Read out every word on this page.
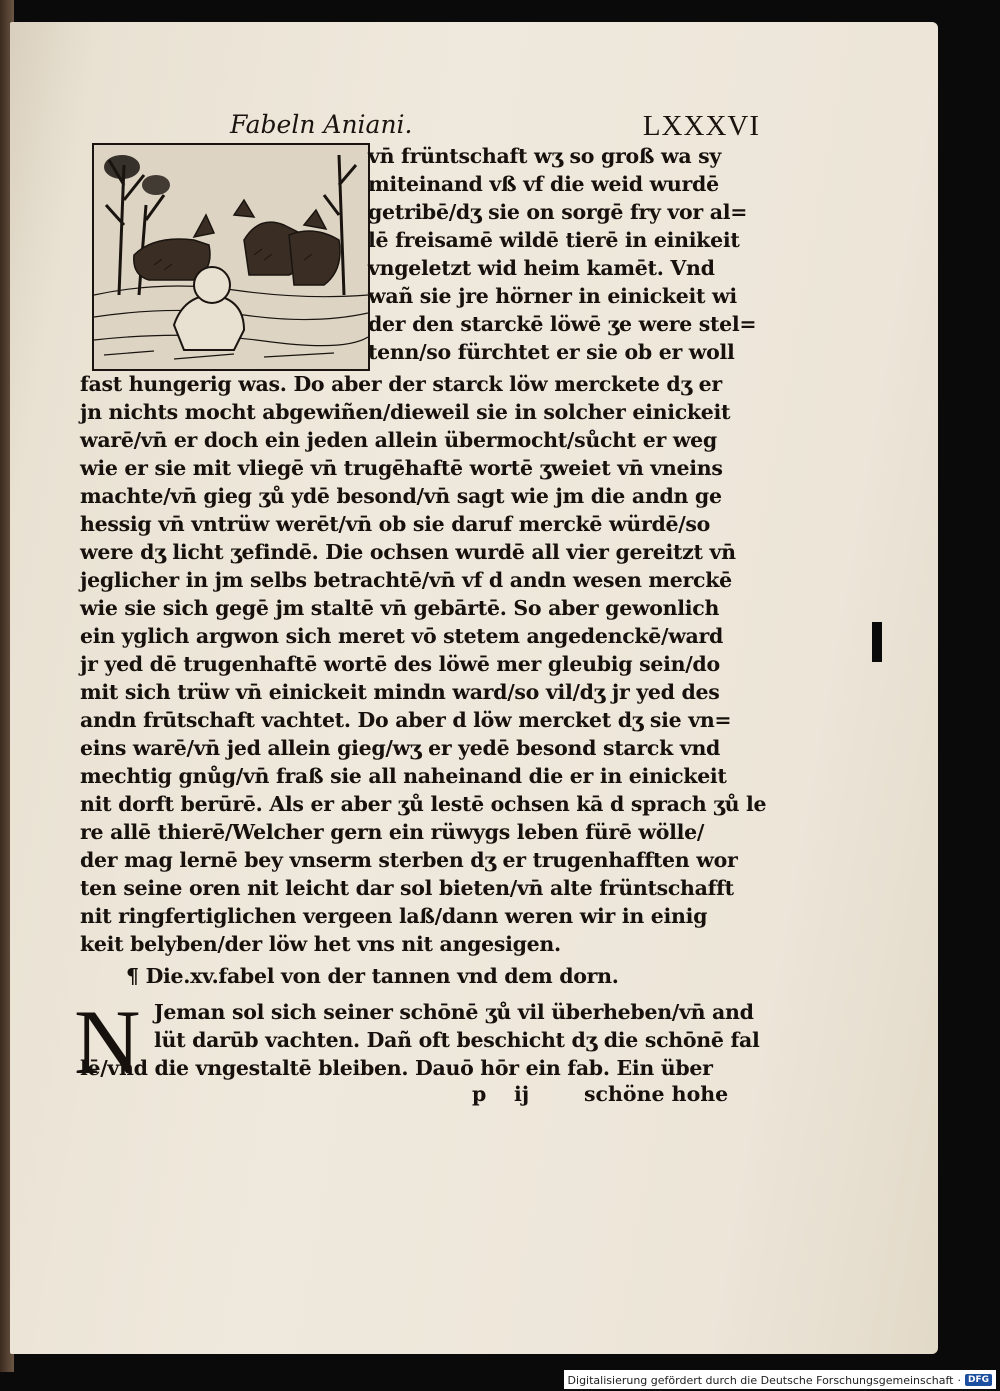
Fabeln Aniani.	LXXXVI
vn̄ früntschaft wʒ so groß wa sy
miteinand vß vf die weid wurdē
getribē/dʒ sie on sorgē fry vor al=
lē freisamē wildē tierē in einikeit
vngeletzt wid heim kamēt. Vnd
wañ sie jre hörner in einickeit wi
der den starckē löwē ʒe were stel=
tenn/so fürchtet er sie ob er woll
fast hungerig was. Do aber der starck löw merckete dʒ er
jn nichts mocht abgewiñen/dieweil sie in solcher einickeit
warē/vn̄ er doch ein jeden allein übermocht/sůcht er weg
wie er sie mit vliegē vn̄ trugēhaftē wortē ʒweiet vn̄ vneins
machte/vn̄ gieg ʒů ydē besond/vn̄ sagt wie jm die andn ge
hessig vn̄ vntrüw werēt/vn̄ ob sie daruf merckē würdē/so
were dʒ licht ʒefindē. Die ochsen wurdē all vier gereitzt vn̄
jeglicher in jm selbs betrachtē/vn̄ vf d andn wesen merckē
wie sie sich gegē jm staltē vn̄ gebārtē. So aber gewonlich
ein yglich argwon sich meret vō stetem angedenckē/ward
jr yed dē trugenhaftē wortē des löwē mer gleubig sein/do
mit sich trüw vn̄ einickeit mindn ward/so vil/dʒ jr yed des
andn frūtschaft vachtet. Do aber d löw mercket dʒ sie vn=
eins warē/vn̄ jed allein gieg/wʒ er yedē besond starck vnd
mechtig gnůg/vn̄ fraß sie all naheinand die er in einickeit
nit dorft berūrē. Als er aber ʒů lestē ochsen kā d sprach ʒů le
re allē thierē/Welcher gern ein rüwygs leben fürē wölle/
der mag lernē bey vnserm sterben dʒ er trugenhafften wor
ten seine oren nit leicht dar sol bieten/vn̄ alte früntschafft
nit ringfertiglichen vergeen laß/dann weren wir in einig
keit belyben/der löw het vns nit angesigen.
¶ Die.xv.fabel von der tannen vnd dem dorn.
Jeman sol sich seiner schōnē ʒů vil überheben/vn̄ and
lüt darūb vachten. Dañ oft beschicht dʒ die schōnē fal
lē/vnd die vngestaltē bleiben. Dauō hōr ein fab. Ein über
N
p ij	schöne hohe
Digitalisierung gefördert durch die Deutsche Forschungsgemeinschaft · DFG
